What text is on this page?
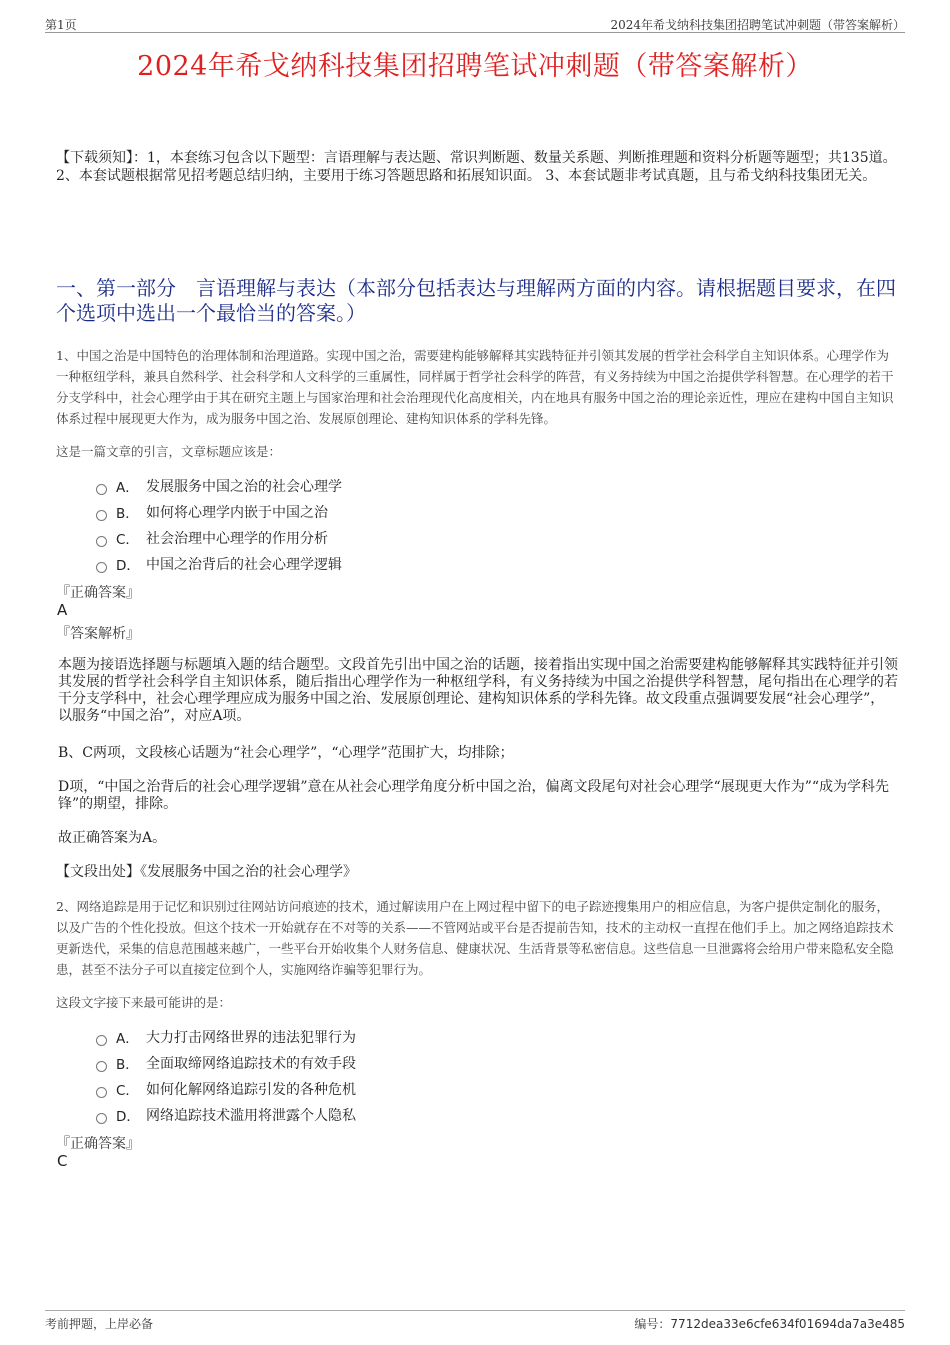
第1页	2024年希戈纳科技集团招聘笔试冲刺题（带答案解析）
2024年希戈纳科技集团招聘笔试冲刺题（带答案解析）
【下载须知】：1，本套练习包含以下题型：言语理解与表达题、常识判断题、数量关系题、判断推理题和资料分析题等题型；共135道。 2、本套试题根据常见招考题总结归纳，主要用于练习答题思路和拓展知识面。 3、本套试题非考试真题，且与希戈纳科技集团无关。
一、第一部分　言语理解与表达（本部分包括表达与理解两方面的内容。请根据题目要求，在四个选项中选出一个最恰当的答案。）
1、中国之治是中国特色的治理体制和治理道路。实现中国之治，需要建构能够解释其实践特征并引领其发展的哲学社会科学自主知识体系。心理学作为一种枢纽学科，兼具自然科学、社会科学和人文科学的三重属性，同样属于哲学社会科学的阵营，有义务持续为中国之治提供学科智慧。在心理学的若干分支学科中，社会心理学由于其在研究主题上与国家治理和社会治理现代化高度相关，内在地具有服务中国之治的理论亲近性，理应在建构中国自主知识体系过程中展现更大作为，成为服务中国之治、发展原创理论、建构知识体系的学科先锋。
这是一篇文章的引言，文章标题应该是：
A． 发展服务中国之治的社会心理学
B． 如何将心理学内嵌于中国之治
C． 社会治理中心理学的作用分析
D． 中国之治背后的社会心理学逻辑
『正确答案』
A
『答案解析』
本题为接语选择题与标题填入题的结合题型。文段首先引出中国之治的话题，接着指出实现中国之治需要建构能够解释其实践特征并引领其发展的哲学社会科学自主知识体系，随后指出心理学作为一种枢纽学科，有义务持续为中国之治提供学科智慧，尾句指出在心理学的若干分支学科中，社会心理学理应成为服务中国之治、发展原创理论、建构知识体系的学科先锋。故文段重点强调要发展“社会心理学”，以服务“中国之治”，对应A项。
B、C两项，文段核心话题为“社会心理学”，“心理学”范围扩大，均排除；
D项，“中国之治背后的社会心理学逻辑”意在从社会心理学角度分析中国之治，偏离文段尾句对社会心理学“展现更大作为”“成为学科先锋”的期望，排除。
故正确答案为A。
【文段出处】《发展服务中国之治的社会心理学》
2、网络追踪是用于记忆和识别过往网站访问痕迹的技术，通过解读用户在上网过程中留下的电子踪迹搜集用户的相应信息，为客户提供定制化的服务，以及广告的个性化投放。但这个技术一开始就存在不对等的关系——不管网站或平台是否提前告知，技术的主动权一直捏在他们手上。加之网络追踪技术更新迭代，采集的信息范围越来越广，一些平台开始收集个人财务信息、健康状况、生活背景等私密信息。这些信息一旦泄露将会给用户带来隐私安全隐患，甚至不法分子可以直接定位到个人，实施网络诈骗等犯罪行为。
这段文字接下来最可能讲的是：
A． 大力打击网络世界的违法犯罪行为
B． 全面取缔网络追踪技术的有效手段
C． 如何化解网络追踪引发的各种危机
D． 网络追踪技术滥用将泄露个人隐私
『正确答案』
C
考前押题，上岸必备	编号：7712dea33e6cfe634f01694da7a3e485
